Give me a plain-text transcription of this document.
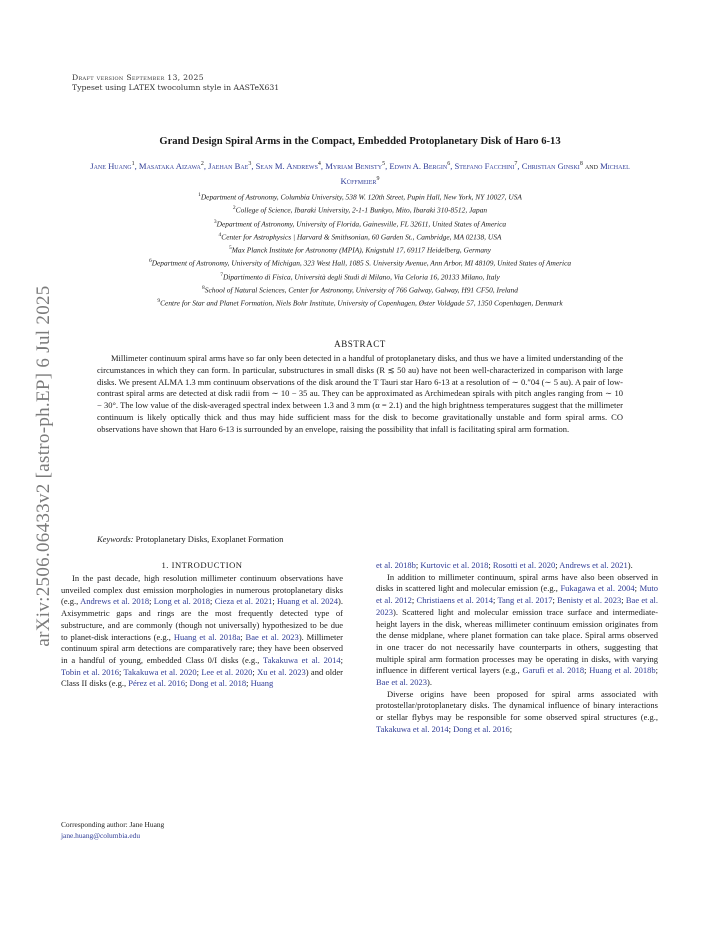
arXiv:2506.06433v2 [astro-ph.EP] 6 Jul 2025
Draft version September 13, 2025
Typeset using LATEX twocolumn style in AASTeX631
Grand Design Spiral Arms in the Compact, Embedded Protoplanetary Disk of Haro 6-13
Jane Huang$^1$, Masataka Aizawa$^2$, Jaehan Bae$^3$, Sean M. Andrews$^4$, Myriam Benisty$^5$, Edwin A. Bergin$^6$, Stefano Facchini$^7$, Christian Ginski$^8$ and Michael Küffmeier$^9$
$^1$Department of Astronomy, Columbia University, 538 W. 120th Street, Pupin Hall, New York, NY 10027, USA
$^2$College of Science, Ibaraki University, 2-1-1 Bunkyo, Mito, Ibaraki 310-8512, Japan
$^3$Department of Astronomy, University of Florida, Gainesville, FL 32611, United States of America
$^4$Center for Astrophysics | Harvard & Smithsonian, 60 Garden St., Cambridge, MA 02138, USA
$^5$Max Planck Institute for Astronomy (MPIA), Knigstuhl 17, 69117 Heidelberg, Germany
$^6$Department of Astronomy, University of Michigan, 323 West Hall, 1085 S. University Avenue, Ann Arbor, MI 48109, United States of America
$^7$Dipartimento di Fisica, Università degli Studi di Milano, Via Celoria 16, 20133 Milano, Italy
$^8$School of Natural Sciences, Center for Astronomy, University of 766 Galway, Galway, H91 CF50, Ireland
$^9$Centre for Star and Planet Formation, Niels Bohr Institute, University of Copenhagen, Øster Voldgade 57, 1350 Copenhagen, Denmark
ABSTRACT

Millimeter continuum spiral arms have so far only been detected in a handful of protoplanetary disks, and thus we have a limited understanding of the circumstances in which they can form. In particular, substructures in small disks (R ≲ 50 au) have not been well-characterized in comparison with large disks. We present ALMA 1.3 mm continuum observations of the disk around the T Tauri star Haro 6-13 at a resolution of ∼ 0.″04 (∼ 5 au). A pair of low-contrast spiral arms are detected at disk radii from ∼ 10 − 35 au. They can be approximated as Archimedean spirals with pitch angles ranging from ∼ 10 − 30°. The low value of the disk-averaged spectral index between 1.3 and 3 mm (α = 2.1) and the high brightness temperatures suggest that the millimeter continuum is likely optically thick and thus may hide sufficient mass for the disk to become gravitationally unstable and form spiral arms. CO observations have shown that Haro 6-13 is surrounded by an envelope, raising the possibility that infall is facilitating spiral arm formation.

Keywords: Protoplanetary Disks, Exoplanet Formation
1. INTRODUCTION

In the past decade, high resolution millimeter continuum observations have unveiled complex dust emission morphologies in numerous protoplanetary disks (e.g., Andrews et al. 2018; Long et al. 2018; Cieza et al. 2021; Huang et al. 2024). Axisymmetric gaps and rings are the most frequently detected type of substructure, and are commonly (though not universally) hypothesized to be due to planet-disk interactions (e.g., Huang et al. 2018a; Bae et al. 2023). Millimeter continuum spiral arm detections are comparatively rare; they have been observed in a handful of young, embedded Class 0/I disks (e.g., Takakuwa et al. 2014; Tobin et al. 2016; Takakuwa et al. 2020; Lee et al. 2020; Xu et al. 2023) and older Class II disks (e.g., Pérez et al. 2016; Dong et al. 2018; Huang

et al. 2018b; Kurtovic et al. 2018; Rosotti et al. 2020; Andrews et al. 2021).

In addition to millimeter continuum, spiral arms have also been observed in disks in scattered light and molecular emission (e.g., Fukagawa et al. 2004; Muto et al. 2012; Christiaens et al. 2014; Tang et al. 2017; Benisty et al. 2023; Bae et al. 2023). Scattered light and molecular emission trace surface and intermediate-height layers in the disk, whereas millimeter continuum emission originates from the dense midplane, where planet formation can take place. Spiral arms observed in one tracer do not necessarily have counterparts in others, suggesting that multiple spiral arm formation processes may be operating in disks, with varying influence in different vertical layers (e.g., Garufi et al. 2018; Huang et al. 2018b; Bae et al. 2023).

Diverse origins have been proposed for spiral arms associated with protostellar/protoplanetary disks. The dynamical influence of binary interactions or stellar flybys may be responsible for some observed spiral structures (e.g., Takakuwa et al. 2014; Dong et al. 2016;

Corresponding author: Jane Huang
jane.huang@columbia.edu
